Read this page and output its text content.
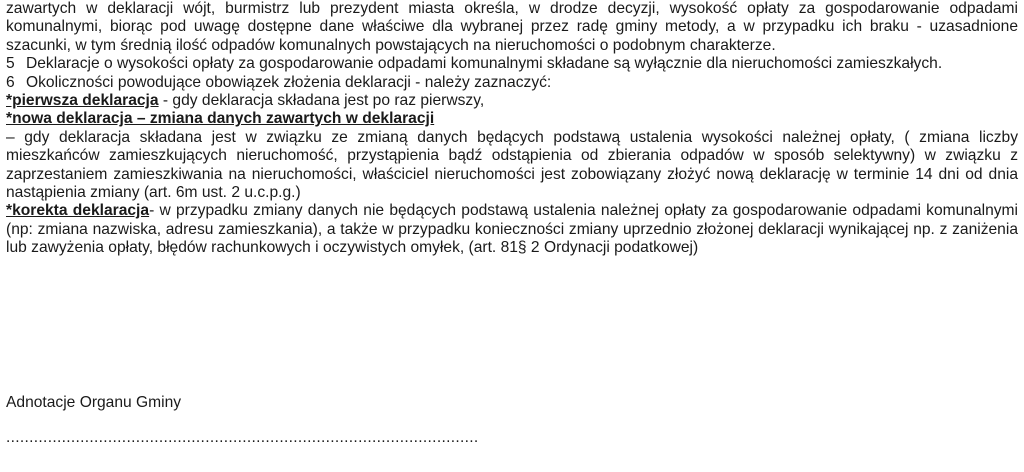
zawartych w deklaracji wójt, burmistrz lub prezydent miasta określa, w drodze decyzji, wysokość opłaty za gospodarowanie odpadami komunalnymi, biorąc pod uwagę dostępne dane właściwe dla wybranej przez radę gminy metody, a w przypadku ich braku - uzasadnione szacunki, w tym średnią ilość odpadów komunalnych powstających na nieruchomości o podobnym charakterze.

5 Deklaracje o wysokości opłaty za gospodarowanie odpadami komunalnymi składane są wyłącznie dla nieruchomości zamieszkałych.

6 Okoliczności powodujące obowiązek złożenia deklaracji - należy zaznaczyć:

*pierwsza deklaracja - gdy deklaracja składana jest po raz pierwszy,

*nowa deklaracja – zmiana danych zawartych w deklaracji

– gdy deklaracja składana jest w związku ze zmianą danych będących podstawą ustalenia wysokości należnej opłaty, ( zmiana liczby mieszkańców zamieszkujących nieruchomość, przystąpienia bądź odstąpienia od zbierania odpadów w sposób selektywny) w związku z zaprzestaniem zamieszkiwania na nieruchomości, właściciel nieruchomości jest zobowiązany złożyć nową deklarację w terminie 14 dni od dnia nastąpienia zmiany (art. 6m ust. 2 u.c.p.g.)

*korekta deklaracja- w przypadku zmiany danych nie będących podstawą ustalenia należnej opłaty za gospodarowanie odpadami komunalnymi (np: zmiana nazwiska, adresu zamieszkania), a także w przypadku konieczności zmiany uprzednio złożonej deklaracji wynikającej np. z zaniżenia lub zawyżenia opłaty, błędów rachunkowych i oczywistych omyłek, (art. 81§ 2 Ordynacji podatkowej)

Adnotacje Organu Gminy
......................................................................................................
